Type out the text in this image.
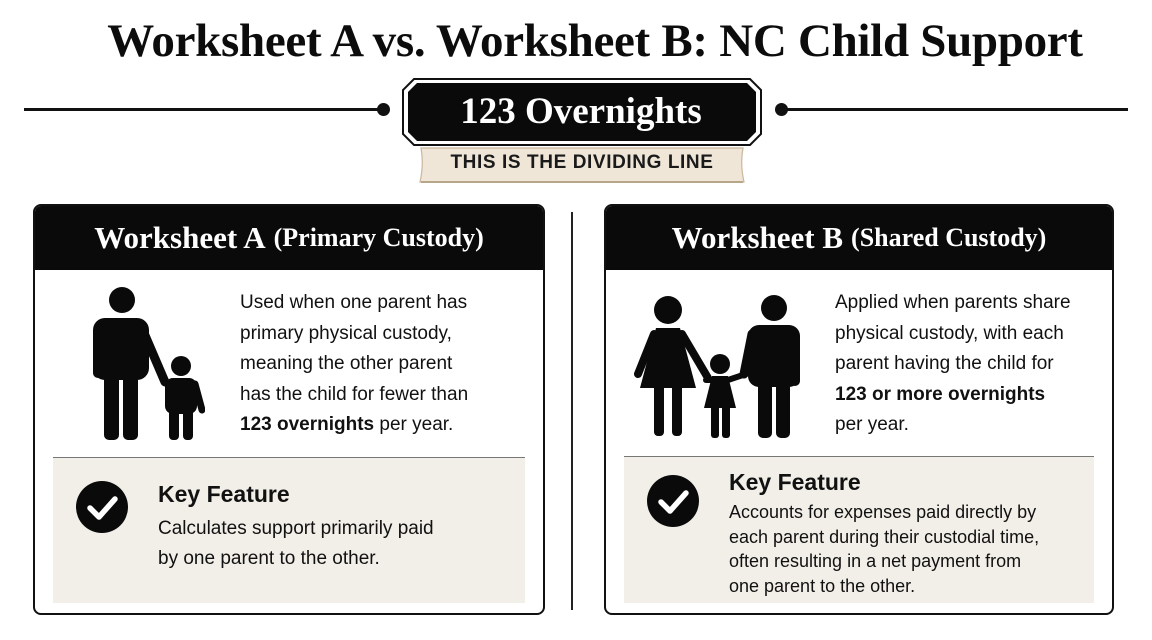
Worksheet A vs. Worksheet B: NC Child Support
123 Overnights
THIS IS THE DIVIDING LINE
Worksheet A (Primary Custody)
Used when one parent has
primary physical custody,
meaning the other parent
has the child for fewer than
123 overnights per year.
Key Feature
Calculates support primarily paid
by one parent to the other.
Worksheet B (Shared Custody)
Applied when parents share
physical custody, with each
parent having the child for
123 or more overnights
per year.
Key Feature
Accounts for expenses paid directly by
each parent during their custodial time,
often resulting in a net payment from
one parent to the other.
